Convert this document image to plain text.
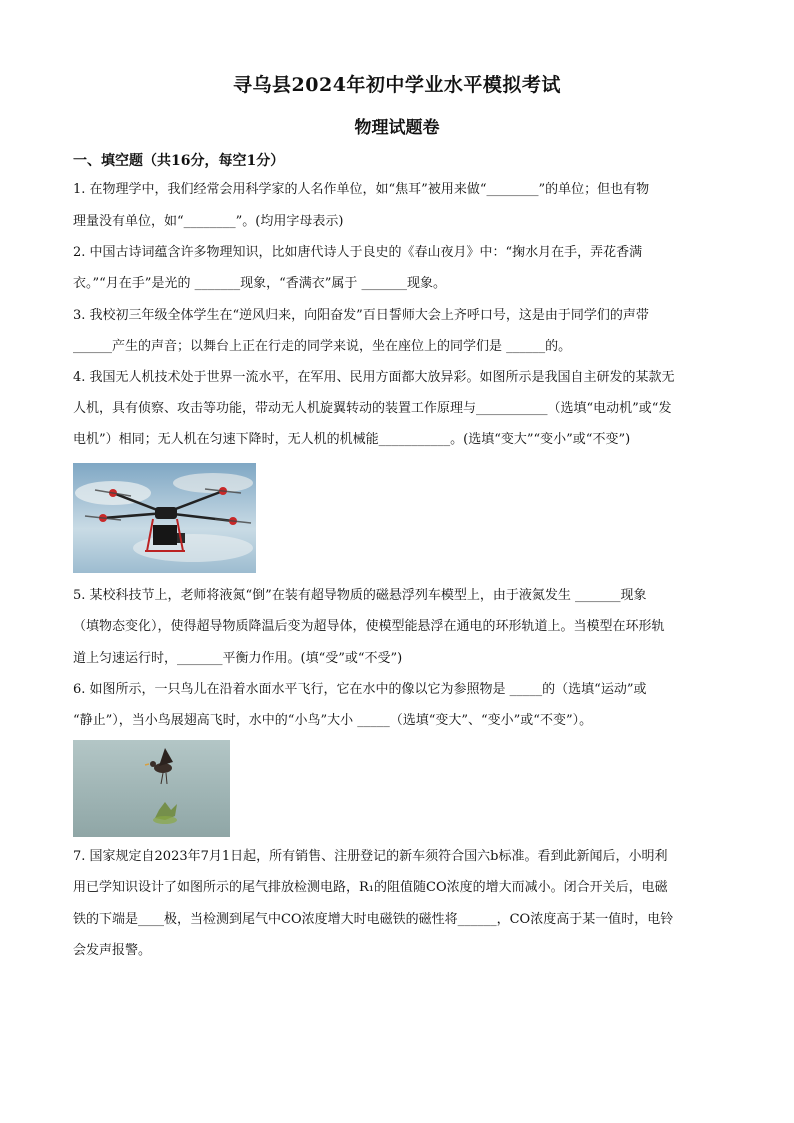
寻乌县2024年初中学业水平模拟考试
物理试题卷
一、填空题（共16分，每空1分）
1. 在物理学中，我们经常会用科学家的人名作单位，如“焦耳”被用来做“________”的单位；但也有物
理量没有单位，如“________”。(均用字母表示)
2. 中国古诗词蕴含许多物理知识，比如唐代诗人于良史的《春山夜月》中：“掬水月在手，弄花香满
衣。”“月在手”是光的 _______现象，“香满衣”属于 _______现象。
3. 我校初三年级全体学生在“逆风归来，向阳奋发”百日誓师大会上齐呼口号，这是由于同学们的声带
______产生的声音；以舞台上正在行走的同学来说，坐在座位上的同学们是 ______的。
4. 我国无人机技术处于世界一流水平，在军用、民用方面都大放异彩。如图所示是我国自主研发的某款无
人机，具有侦察、攻击等功能，带动无人机旋翼转动的装置工作原理与___________（选填“电动机”或“发
电机”）相同；无人机在匀速下降时，无人机的机械能___________。(选填“变大”“变小”或“不变”)
5. 某校科技节上，老师将液氮“倒”在装有超导物质的磁悬浮列车模型上，由于液氮发生 _______现象
（填物态变化），使得超导物质降温后变为超导体，使模型能悬浮在通电的环形轨道上。当模型在环形轨
道上匀速运行时，_______平衡力作用。(填“受”或“不受”)
6. 如图所示，一只鸟儿在沿着水面水平飞行，它在水中的像以它为参照物是 _____的（选填“运动”或
“静止”），当小鸟展翅高飞时，水中的“小鸟”大小 _____（选填“变大”、“变小”或“不变”）。
7. 国家规定自2023年7月1日起，所有销售、注册登记的新车须符合国六b标准。看到此新闻后，小明利
用已学知识设计了如图所示的尾气排放检测电路，R₁的阻值随CO浓度的增大而减小。闭合开关后，电磁
铁的下端是____极，当检测到尾气中CO浓度增大时电磁铁的磁性将______，CO浓度高于某一值时，电铃
会发声报警。
